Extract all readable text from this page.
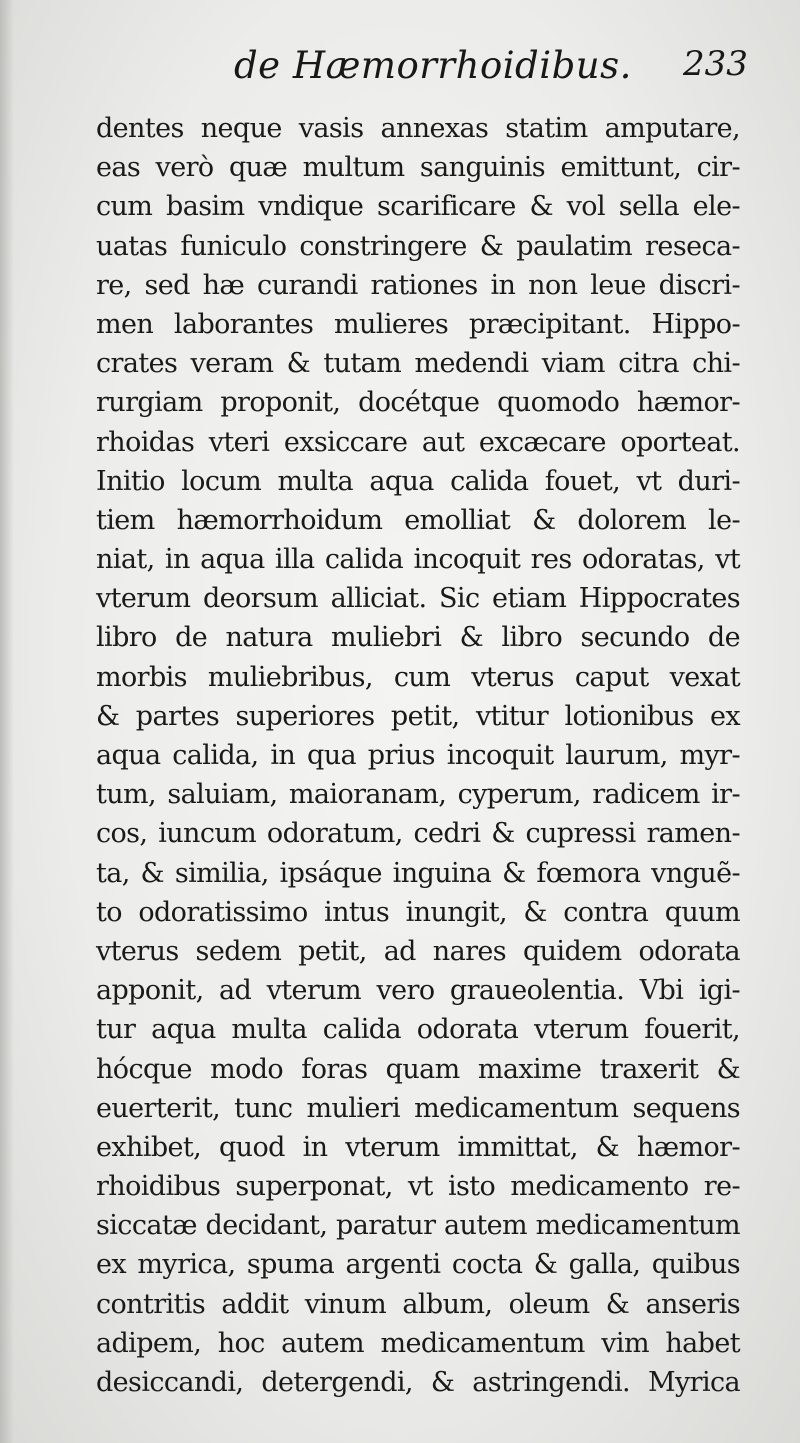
de Hæmorrhoidibus. 233
dentes neque vasis annexas statim amputare,
eas verò quæ multum sanguinis emittunt, cir-
cum basim vndique scarificare & vol sella ele-
uatas funiculo constringere & paulatim reseca-
re, sed hæ curandi rationes in non leue discri-
men laborantes mulieres præcipitant. Hippo-
crates veram & tutam medendi viam citra chi-
rurgiam proponit, docétque quomodo hæmor-
rhoidas vteri exsiccare aut excæcare oporteat.
Initio locum multa aqua calida fouet, vt duri-
tiem hæmorrhoidum emolliat & dolorem le-
niat, in aqua illa calida incoquit res odoratas, vt
vterum deorsum alliciat. Sic etiam Hippocrates
libro de natura muliebri & libro secundo de
morbis muliebribus, cum vterus caput vexat
& partes superiores petit, vtitur lotionibus ex
aqua calida, in qua prius incoquit laurum, myr-
tum, saluiam, maioranam, cyperum, radicem ir-
cos, iuncum odoratum, cedri & cupressi ramen-
ta, & similia, ipsáque inguina & fœmora vnguẽ-
to odoratissimo intus inungit, & contra quum
vterus sedem petit, ad nares quidem odorata
apponit, ad vterum vero graueolentia. Vbi igi-
tur aqua multa calida odorata vterum fouerit,
hócque modo foras quam maxime traxerit &
euerterit, tunc mulieri medicamentum sequens
exhibet, quod in vterum immittat, & hæmor-
rhoidibus superponat, vt isto medicamento re-
siccatæ decidant, paratur autem medicamentum
ex myrica, spuma argenti cocta & galla, quibus
contritis addit vinum album, oleum & anseris
adipem, hoc autem medicamentum vim habet
desiccandi, detergendi, & astringendi. Myrica
